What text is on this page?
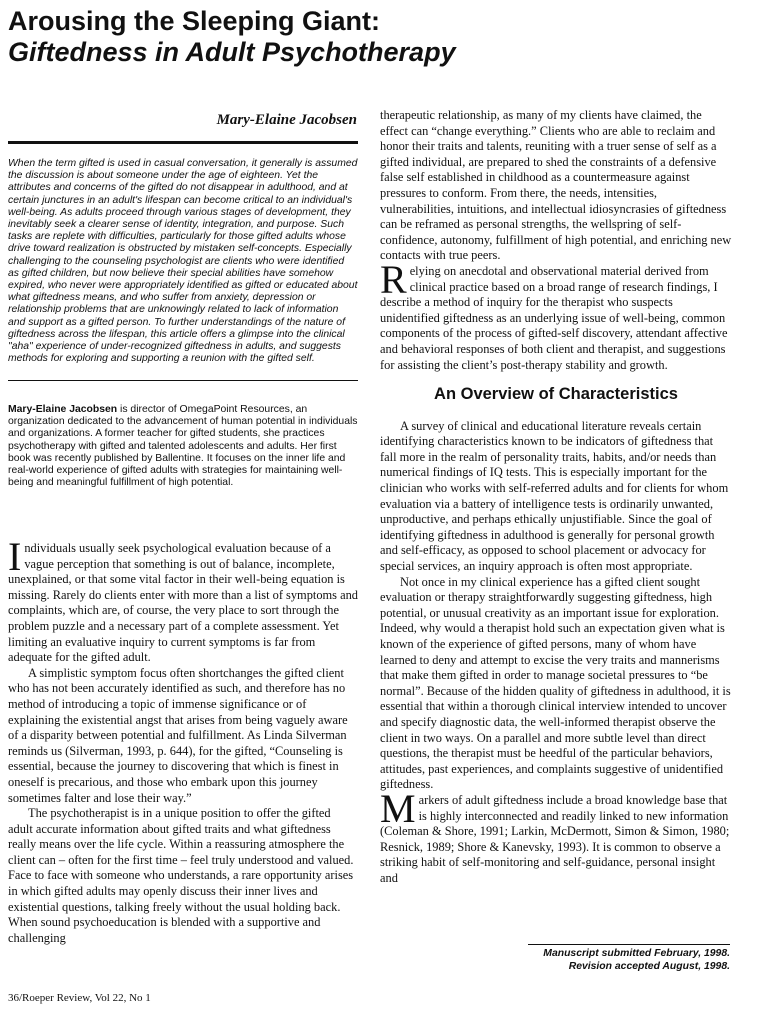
Arousing the Sleeping Giant:
Giftedness in Adult Psychotherapy
Mary-Elaine Jacobsen

When the term gifted is used in casual conversation, it generally is assumed the discussion is about someone under the age of eighteen. Yet the attributes and concerns of the gifted do not disappear in adulthood, and at certain junctures in an adult's lifespan can become critical to an individual's well-being. As adults proceed through various stages of development, they inevitably seek a clearer sense of identity, integration, and purpose. Such tasks are replete with difficulties, particularly for those gifted adults whose drive toward realization is obstructed by mistaken self-concepts. Especially challenging to the counseling psychologist are clients who were identified as gifted children, but now believe their special abilities have somehow expired, who never were appropriately identified as gifted or educated about what giftedness means, and who suffer from anxiety, depression or relationship problems that are unknowingly related to lack of information and support as a gifted person. To further understandings of the nature of giftedness across the lifespan, this article offers a glimpse into the clinical "aha" experience of under-recognized giftedness in adults, and suggests methods for exploring and supporting a reunion with the gifted self.

Mary-Elaine Jacobsen is director of OmegaPoint Resources, an organization dedicated to the advancement of human potential in individuals and organizations. A former teacher for gifted students, she practices psychotherapy with gifted and talented adolescents and adults. Her first book was recently published by Ballentine. It focuses on the inner life and real-world experience of gifted adults with strategies for maintaining well-being and meaningful fulfillment of high potential.

Individuals usually seek psychological evaluation because of a vague perception that something is out of balance, incomplete, unexplained, or that some vital factor in their well-being equation is missing. Rarely do clients enter with more than a list of symptoms and complaints, which are, of course, the very place to sort through the problem puzzle and a necessary part of a complete assessment. Yet limiting an evaluative inquiry to current symptoms is far from adequate for the gifted adult.

A simplistic symptom focus often shortchanges the gifted client who has not been accurately identified as such, and therefore has no method of introducing a topic of immense significance or of explaining the existential angst that arises from being vaguely aware of a disparity between potential and fulfillment. As Linda Silverman reminds us (Silverman, 1993, p. 644), for the gifted, “Counseling is essential, because the journey to discovering that which is finest in oneself is precarious, and those who embark upon this journey sometimes falter and lose their way.”

The psychotherapist is in a unique position to offer the gifted adult accurate information about gifted traits and what giftedness really means over the life cycle. Within a reassuring atmosphere the client can – often for the first time – feel truly understood and valued. Face to face with someone who understands, a rare opportunity arises in which gifted adults may openly discuss their inner lives and existential questions, talking freely without the usual holding back. When sound psychoeducation is blended with a supportive and challenging

therapeutic relationship, as many of my clients have claimed, the effect can “change everything.” Clients who are able to reclaim and honor their traits and talents, reuniting with a truer sense of self as a gifted individual, are prepared to shed the constraints of a defensive false self established in childhood as a countermeasure against pressures to conform. From there, the needs, intensities, vulnerabilities, intuitions, and intellectual idiosyncrasies of giftedness can be reframed as personal strengths, the wellspring of self-confidence, autonomy, fulfillment of high potential, and enriching new contacts with true peers.

Relying on anecdotal and observational material derived from clinical practice based on a broad range of research findings, I describe a method of inquiry for the therapist who suspects unidentified giftedness as an underlying issue of well-being, common components of the process of gifted-self discovery, attendant affective and behavioral responses of both client and therapist, and suggestions for assisting the client’s post-therapy stability and growth.

An Overview of Characteristics

A survey of clinical and educational literature reveals certain identifying characteristics known to be indicators of giftedness that fall more in the realm of personality traits, habits, and/or needs than numerical findings of IQ tests. This is especially important for the clinician who works with self-referred adults and for clients for whom evaluation via a battery of intelligence tests is ordinarily unwanted, unproductive, and perhaps ethically unjustifiable. Since the goal of identifying giftedness in adulthood is generally for personal growth and self-efficacy, as opposed to school placement or advocacy for special services, an inquiry approach is often most appropriate.

Not once in my clinical experience has a gifted client sought evaluation or therapy straightforwardly suggesting giftedness, high potential, or unusual creativity as an important issue for exploration. Indeed, why would a therapist hold such an expectation given what is known of the experience of gifted persons, many of whom have learned to deny and attempt to excise the very traits and mannerisms that make them gifted in order to manage societal pressures to “be normal”. Because of the hidden quality of giftedness in adulthood, it is essential that within a thorough clinical interview intended to uncover and specify diagnostic data, the well-informed therapist observe the client in two ways. On a parallel and more subtle level than direct questions, the therapist must be heedful of the particular behaviors, attitudes, past experiences, and complaints suggestive of unidentified giftedness.

Markers of adult giftedness include a broad knowledge base that is highly interconnected and readily linked to new information (Coleman & Shore, 1991; Larkin, McDermott, Simon & Simon, 1980; Resnick, 1989; Shore & Kanevsky, 1993). It is common to observe a striking habit of self-monitoring and self-guidance, personal insight and

Manuscript submitted February, 1998.
Revision accepted August, 1998.
36/Roeper Review, Vol 22, No 1
